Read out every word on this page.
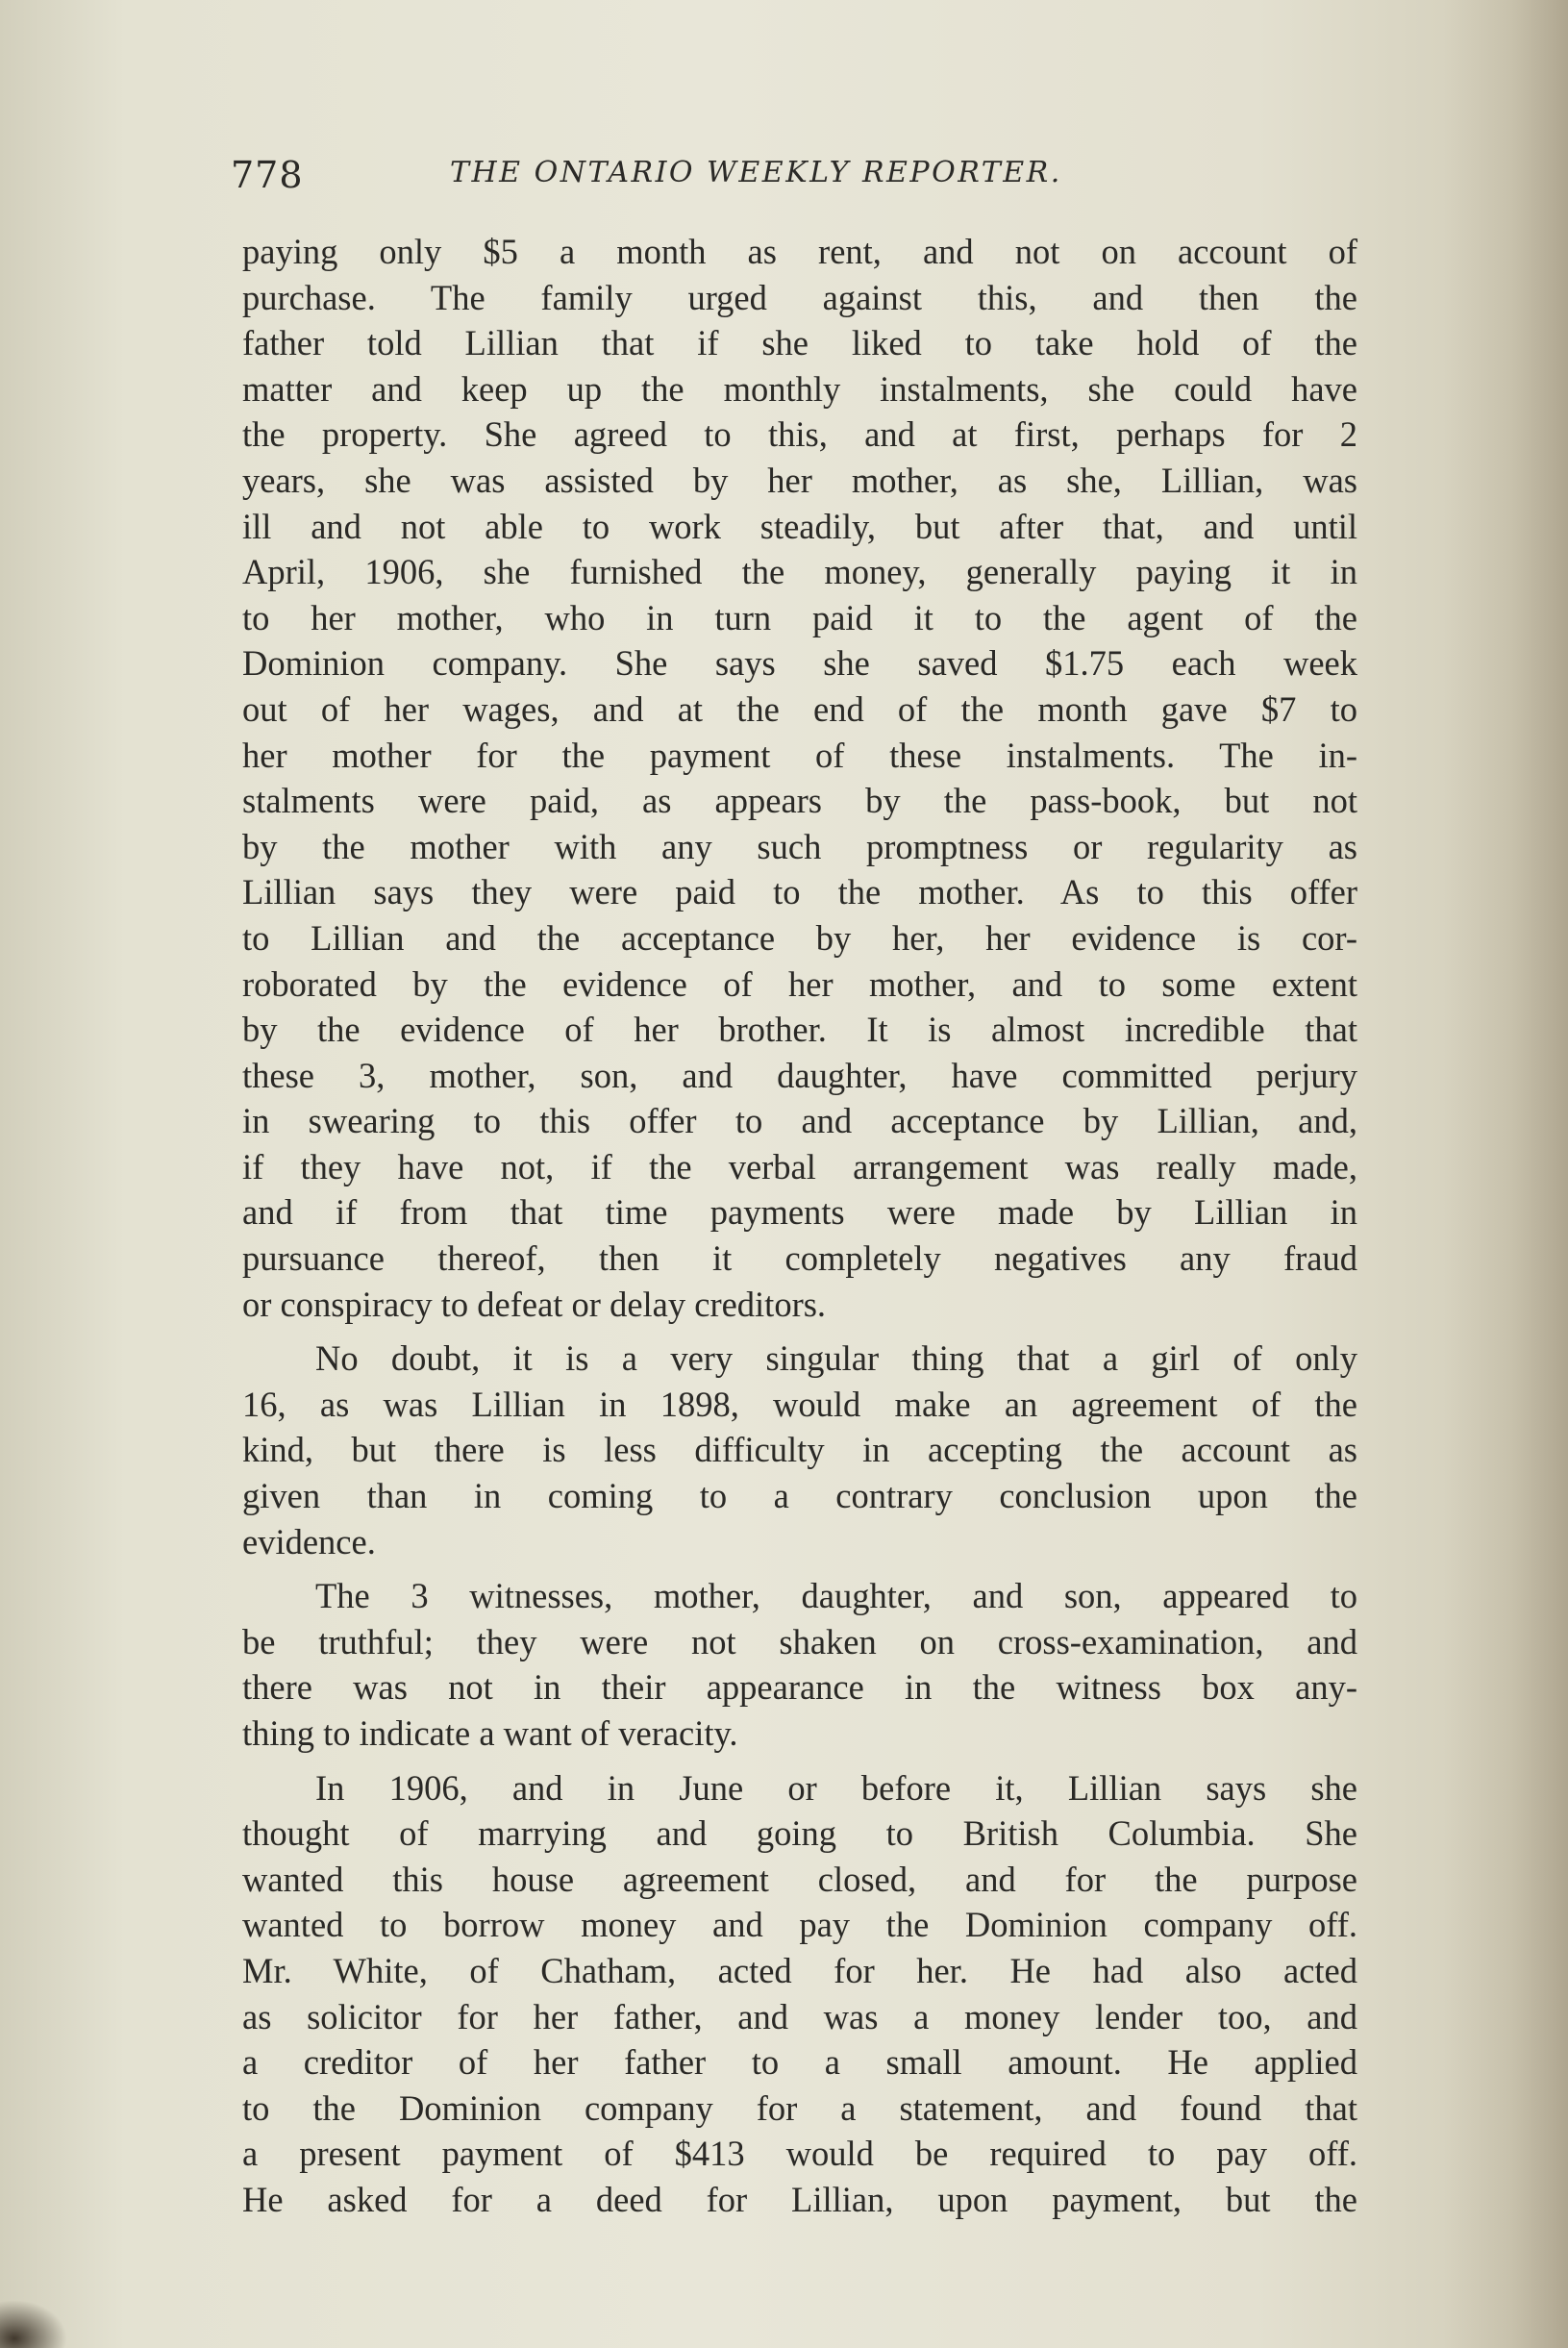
778	THE ONTARIO WEEKLY REPORTER.

paying only $5 a month as rent, and not on account of
purchase. The family urged against this, and then the
father told Lillian that if she liked to take hold of the
matter and keep up the monthly instalments, she could have
the property. She agreed to this, and at first, perhaps for 2
years, she was assisted by her mother, as she, Lillian, was
ill and not able to work steadily, but after that, and until
April, 1906, she furnished the money, generally paying it in
to her mother, who in turn paid it to the agent of the
Dominion company. She says she saved $1.75 each week
out of her wages, and at the end of the month gave $7 to
her mother for the payment of these instalments. The in-
stalments were paid, as appears by the pass-book, but not
by the mother with any such promptness or regularity as
Lillian says they were paid to the mother. As to this offer
to Lillian and the acceptance by her, her evidence is cor-
roborated by the evidence of her mother, and to some extent
by the evidence of her brother. It is almost incredible that
these 3, mother, son, and daughter, have committed perjury
in swearing to this offer to and acceptance by Lillian, and,
if they have not, if the verbal arrangement was really made,
and if from that time payments were made by Lillian in
pursuance thereof, then it completely negatives any fraud
or conspiracy to defeat or delay creditors.

No doubt, it is a very singular thing that a girl of only
16, as was Lillian in 1898, would make an agreement of the
kind, but there is less difficulty in accepting the account as
given than in coming to a contrary conclusion upon the
evidence.

The 3 witnesses, mother, daughter, and son, appeared to
be truthful; they were not shaken on cross-examination, and
there was not in their appearance in the witness box any-
thing to indicate a want of veracity.

In 1906, and in June or before it, Lillian says she
thought of marrying and going to British Columbia. She
wanted this house agreement closed, and for the purpose
wanted to borrow money and pay the Dominion company off.
Mr. White, of Chatham, acted for her. He had also acted
as solicitor for her father, and was a money lender too, and
a creditor of her father to a small amount. He applied
to the Dominion company for a statement, and found that
a present payment of $413 would be required to pay off.
He asked for a deed for Lillian, upon payment, but the
